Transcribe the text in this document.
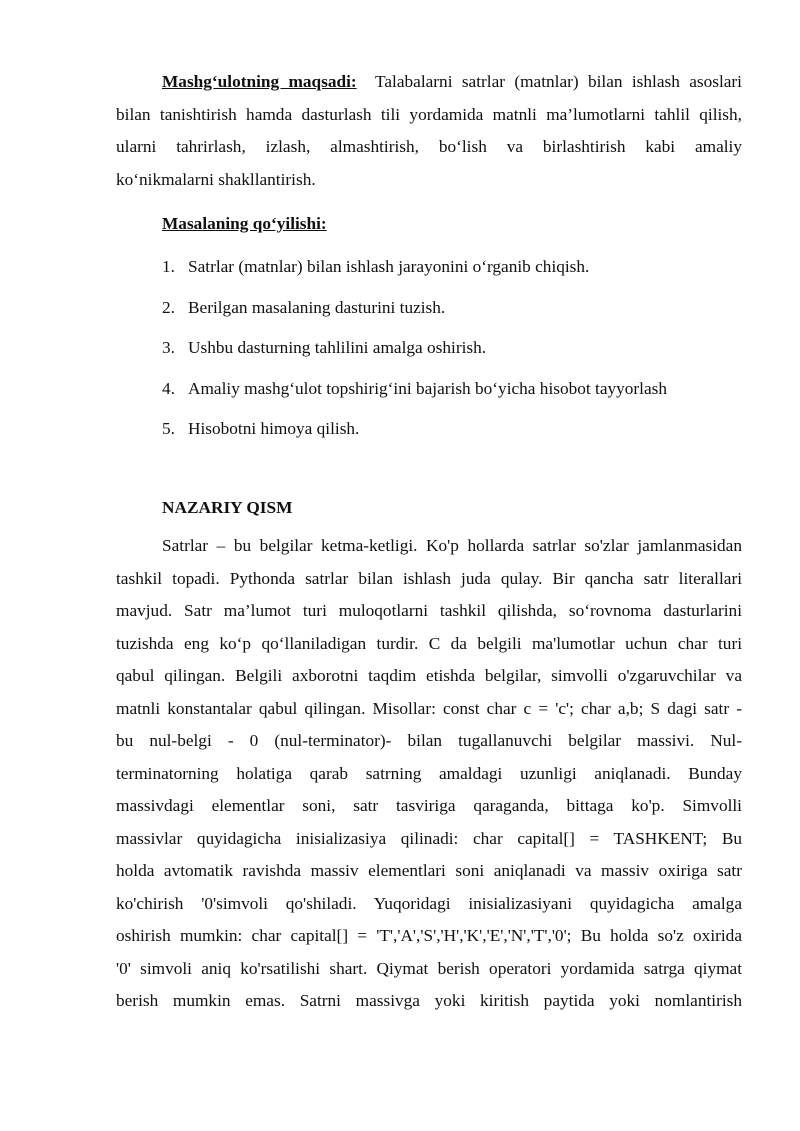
Mashg‘ulotning maqsadi: Talabalarni satrlar (matnlar) bilan ishlash asoslari
bilan tanishtirish hamda dasturlash tili yordamida matnli ma’lumotlarni tahlil qilish,
ularni tahrirlash, izlash, almashtirish, bo‘lish va birlashtirish kabi amaliy
ko‘nikmalarni shakllantirish.
Masalaning qo‘yilishi:
1. Satrlar (matnlar) bilan ishlash jarayonini o‘rganib chiqish.
2. Berilgan masalaning dasturini tuzish.
3. Ushbu dasturning tahlilini amalga oshirish.
4. Amaliy mashg‘ulot topshirig‘ini bajarish bo‘yicha hisobot tayyorlash
5. Hisobotni himoya qilish.
NAZARIY QISM
Satrlar – bu belgilar ketma-ketligi. Ko'p hollarda satrlar so'zlar jamlanmasidan
tashkil topadi. Pythonda satrlar bilan ishlash juda qulay. Bir qancha satr literallari
mavjud. Satr ma’lumot turi muloqotlarni tashkil qilishda, so‘rovnoma dasturlarini
tuzishda eng ko‘p qo‘llaniladigan turdir. C da belgili ma'lumotlar uchun char turi
qabul qilingan. Belgili axborotni taqdim etishda belgilar, simvolli o'zgaruvchilar va
matnli konstantalar qabul qilingan. Misollar: const char c = 'c'; char a,b; S dagi satr -
bu nul-belgi - 0 (nul-terminator)- bilan tugallanuvchi belgilar massivi. Nul-
terminatorning holatiga qarab satrning amaldagi uzunligi aniqlanadi. Bunday
massivdagi elementlar soni, satr tasviriga qaraganda, bittaga ko'p. Simvolli
massivlar quyidagicha inisializasiya qilinadi: char capital[] = TASHKENT; Bu
holda avtomatik ravishda massiv elementlari soni aniqlanadi va massiv oxiriga satr
ko'chirish '0'simvoli qo'shiladi. Yuqoridagi inisializasiyani quyidagicha amalga
oshirish mumkin: char capital[] = 'T','A','S','H','K','E','N','T','0'; Bu holda so'z oxirida
'0' simvoli aniq ko'rsatilishi shart. Qiymat berish operatori yordamida satrga qiymat
berish mumkin emas. Satrni massivga yoki kiritish paytida yoki nomlantirish
